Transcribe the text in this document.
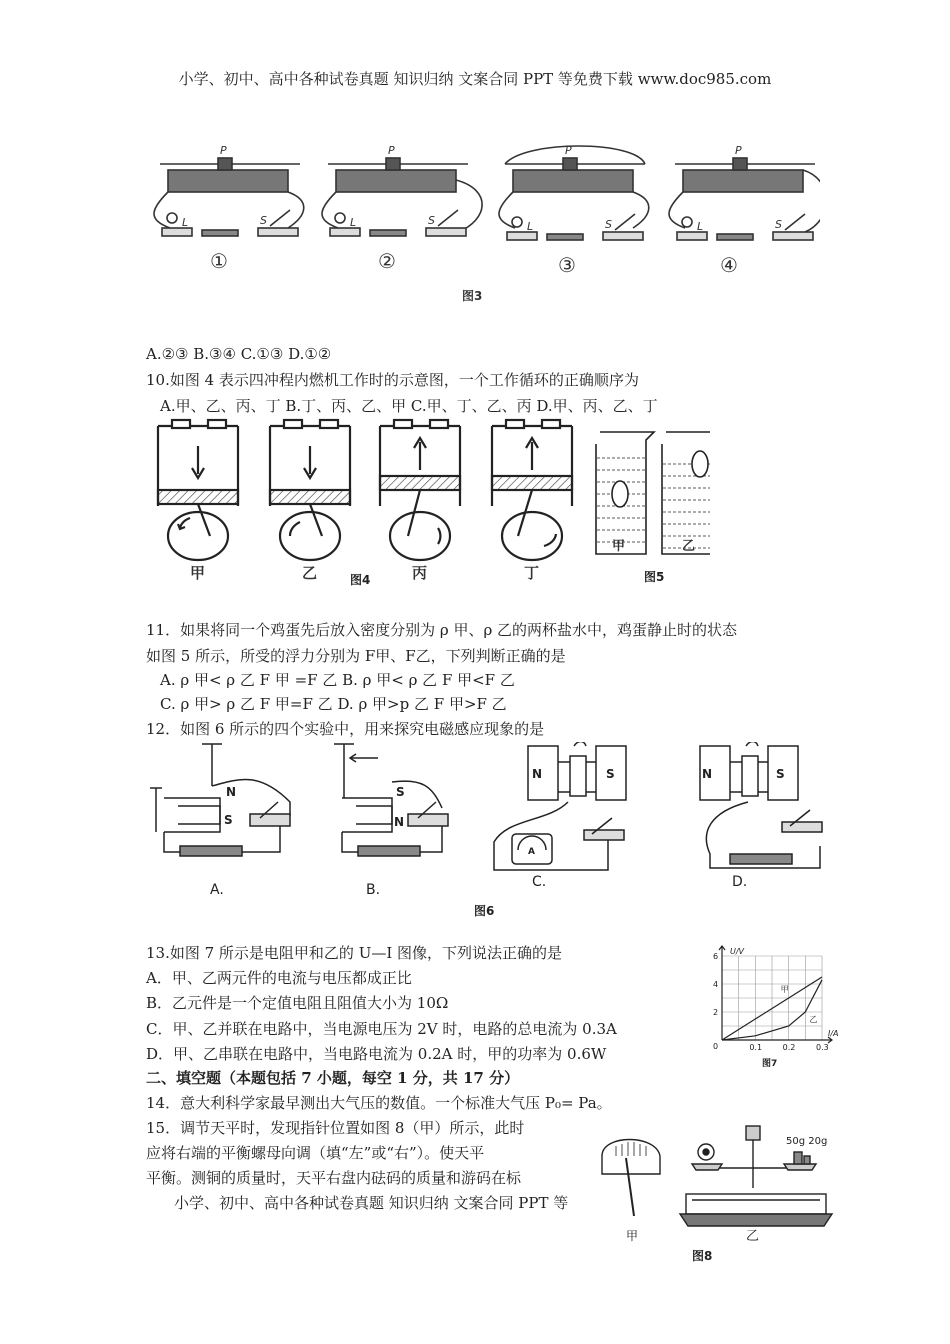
小学、初中、高中各种试卷真题 知识归纳 文案合同 PPT 等免费下载 www.doc985.com
P	P	P	P
L	L	L	L
S	S	S	S
①	②	③	④
图3
A.②③ B.③④ C.①③ D.①②
10.如图 4 表示四冲程内燃机工作时的示意图，一个工作循环的正确顺序为
A.甲、乙、丙、丁 B.丁、丙、乙、甲 C.甲、丁、乙、丙 D.甲、丙、乙、丁
甲	乙	丙	丁
甲	乙
图4	图5
11．如果将同一个鸡蛋先后放入密度分别为 ρ 甲、ρ 乙的两杯盐水中，鸡蛋静止时的状态
如图 5 所示，所受的浮力分别为 F甲、F乙，下列判断正确的是
A. ρ 甲< ρ 乙 F 甲 =F 乙 B. ρ 甲< ρ 乙 F 甲<F 乙
C. ρ 甲> ρ 乙 F 甲=F 乙 D. ρ 甲>p 乙 F 甲>F 乙
12．如图 6 所示的四个实验中，用来探究电磁感应现象的是
N
S
S
N
N	S
A
N	S
A.	B.	C.	D.
图6
13.如图 7 所示是电阻甲和乙的 U—I 图像，下列说法正确的是
A．甲、乙两元件的电流与电压都成正比
B．乙元件是一个定值电阻且阻值大小为 10Ω
C．甲、乙并联在电路中，当电源电压为 2V 时，电路的总电流为 0.3A
D．甲、乙串联在电路中，当电路电流为 0.2A 时，甲的功率为 0.6W
甲
乙
0.1	0.2	0.3
2
4
6
0
U/V
I/A
图7
二、填空题（本题包括 7 小题，每空 1 分，共 17 分）
14．意大利科学家最早测出大气压的数值。一个标准大气压 P₀= Pa。
15．调节天平时，发现指针位置如图 8（甲）所示，此时
应将右端的平衡螺母向调（填“左”或“右”）。使天平
平衡。测铜的质量时，天平右盘内砝码的质量和游码在标
小学、初中、高中各种试卷真题 知识归纳 文案合同 PPT 等
50g 20g
甲	乙
图8
